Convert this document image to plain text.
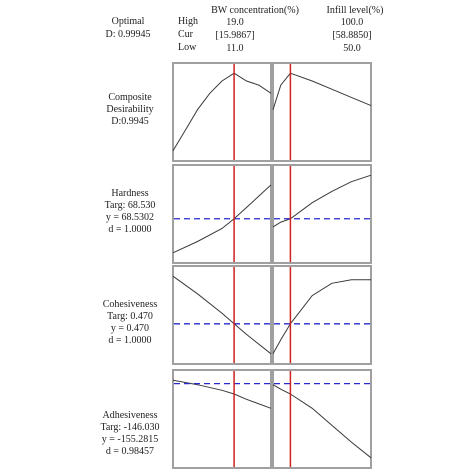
Optimal
D: 0.99945
High
Cur
Low
BW concentration(%)
19.0
[15.9867]
11.0
Infill level(%)
100.0
[58.8850]
50.0
Composite
Desirability
D:0.9945
Hardness
Targ: 68.530
y = 68.5302
d = 1.0000
Cohesiveness
Targ: 0.470
y = 0.470
d = 1.0000
Adhesiveness
Targ: -146.030
y = -155.2815
d = 0.98457
